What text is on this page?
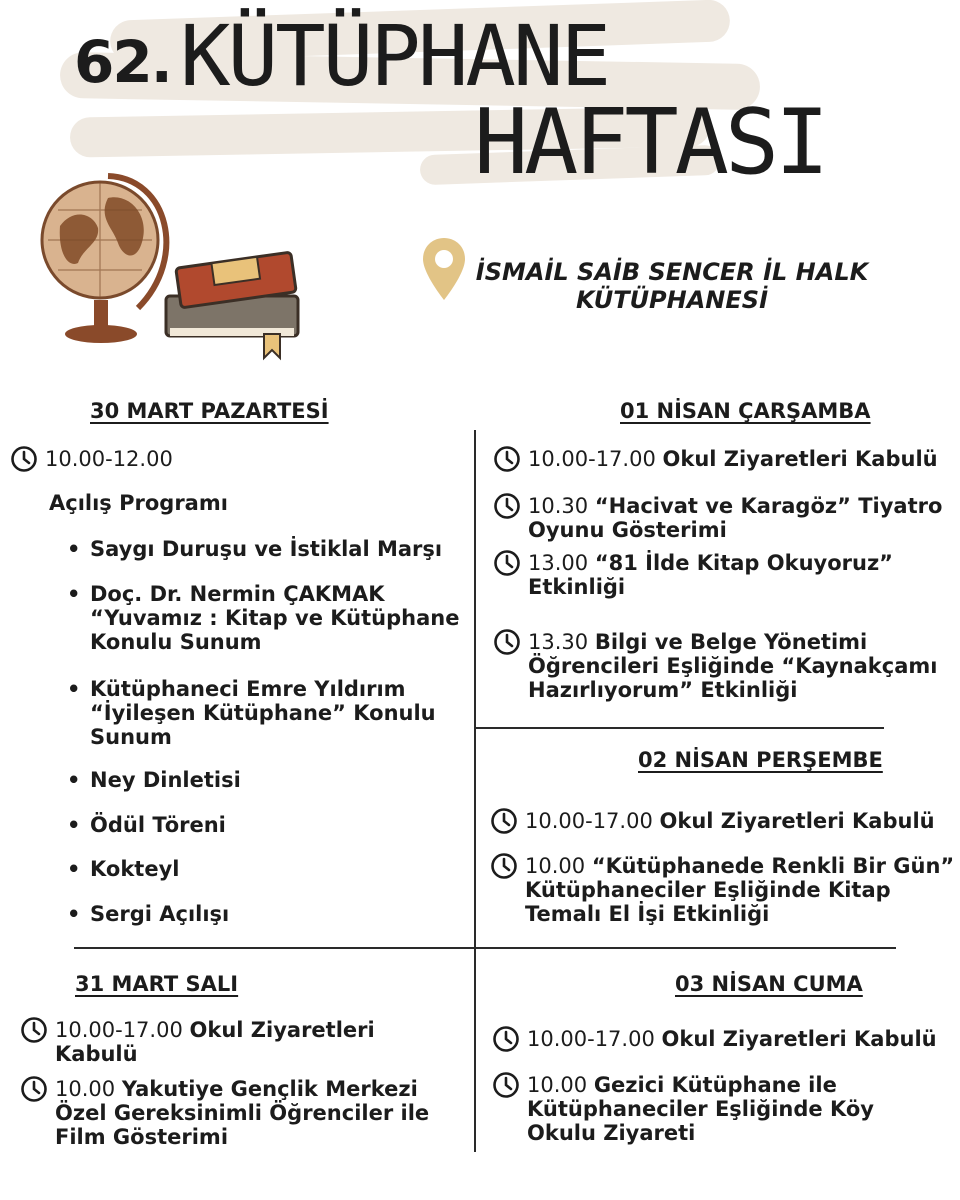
62. KÜTÜPHANE
HAFTASI
İSMAİL SAİB SENCER İL HALK
KÜTÜPHANESİ
30 MART PAZARTESİ
10.00-12.00
Açılış Programı
• Saygı Duruşu ve İstiklal Marşı
• Doç. Dr. Nermin ÇAKMAK “Yuvamız : Kitap ve Kütüphane Konulu Sunum
• Kütüphaneci Emre Yıldırım “İyileşen Kütüphane” Konulu Sunum
• Ney Dinletisi
• Ödül Töreni
• Kokteyl
• Sergi Açılışı
31 MART SALI
10.00-17.00 Okul Ziyaretleri Kabulü
10.00 Yakutiye Gençlik Merkezi Özel Gereksinimli Öğrenciler ile Film Gösterimi
01 NİSAN ÇARŞAMBA
10.00-17.00 Okul Ziyaretleri Kabulü
10.30 “Hacivat ve Karagöz” Tiyatro Oyunu Gösterimi
13.00 “81 İlde Kitap Okuyoruz” Etkinliği
13.30 Bilgi ve Belge Yönetimi Öğrencileri Eşliğinde “Kaynakçamı Hazırlıyorum” Etkinliği
02 NİSAN PERŞEMBE
10.00-17.00 Okul Ziyaretleri Kabulü
10.00 “Kütüphanede Renkli Bir Gün” Kütüphaneciler Eşliğinde Kitap Temalı El İşi Etkinliği
03 NİSAN CUMA
10.00-17.00 Okul Ziyaretleri Kabulü
10.00 Gezici Kütüphane ile Kütüphaneciler Eşliğinde Köy Okulu Ziyareti
